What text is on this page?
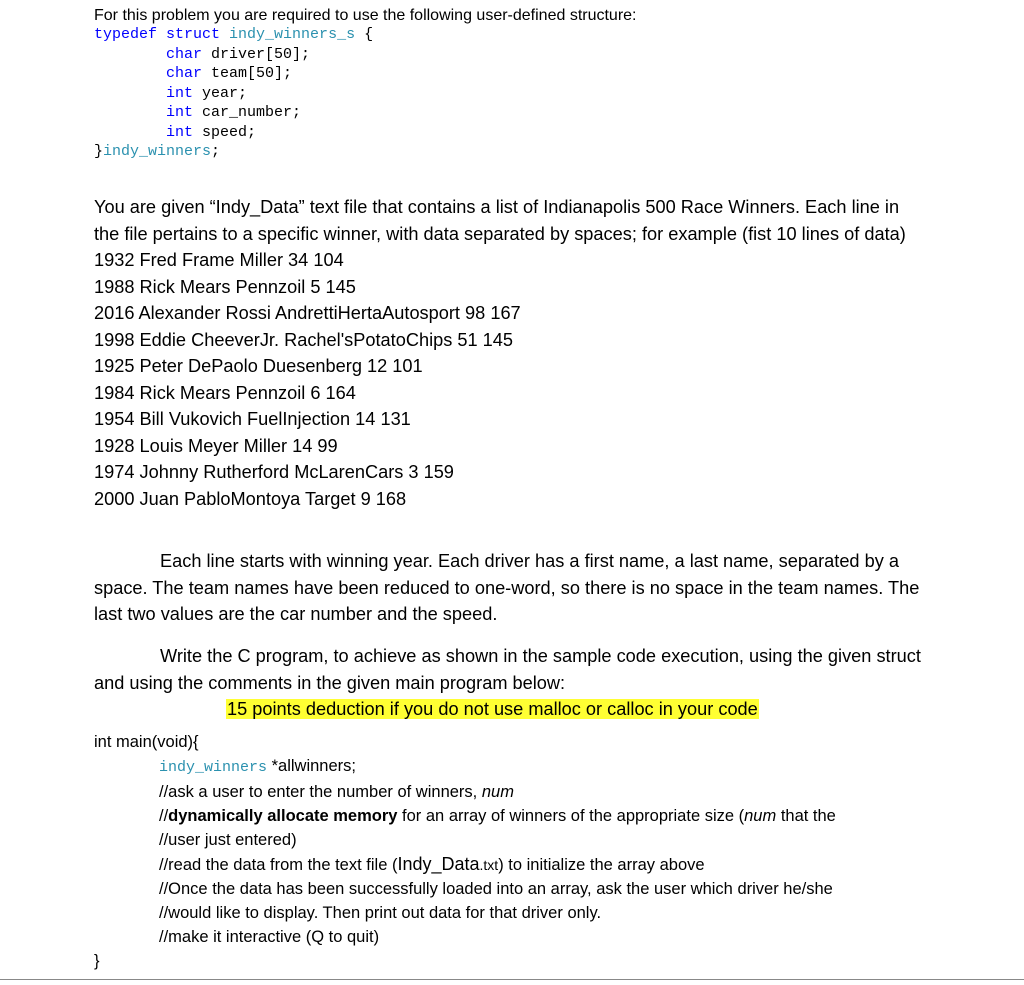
For this problem you are required to use the following user-defined structure:
typedef struct indy_winners_s {
char driver[50];
char team[50];
int year;
int car_number;
int speed;
}indy_winners;
You are given “Indy_Data” text file that contains a list of Indianapolis 500 Race Winners. Each line in the file pertains to a specific winner, with data separated by spaces; for example (fist 10 lines of data)
1932 Fred Frame Miller 34 104
1988 Rick Mears Pennzoil 5 145
2016 Alexander Rossi AndrettiHertaAutosport 98 167
1998 Eddie CheeverJr. Rachel'sPotatoChips 51 145
1925 Peter DePaolo Duesenberg 12 101
1984 Rick Mears Pennzoil 6 164
1954 Bill Vukovich FuelInjection 14 131
1928 Louis Meyer Miller 14 99
1974 Johnny Rutherford McLarenCars 3 159
2000 Juan PabloMontoya Target 9 168
Each line starts with winning year. Each driver has a first name, a last name, separated by a space. The team names have been reduced to one-word, so there is no space in the team names. The last two values are the car number and the speed.
Write the C program, to achieve as shown in the sample code execution, using the given struct and using the comments in the given main program below:
15 points deduction if you do not use malloc or calloc in your code
int main(void){
indy_winners *allwinners;
//ask a user to enter the number of winners, num
//dynamically allocate memory for an array of winners of the appropriate size (num that the
//user just entered)
//read the data from the text file (Indy_Data.txt) to initialize the array above
//Once the data has been successfully loaded into an array, ask the user which driver he/she
//would like to display. Then print out data for that driver only.
//make it interactive (Q to quit)
}
